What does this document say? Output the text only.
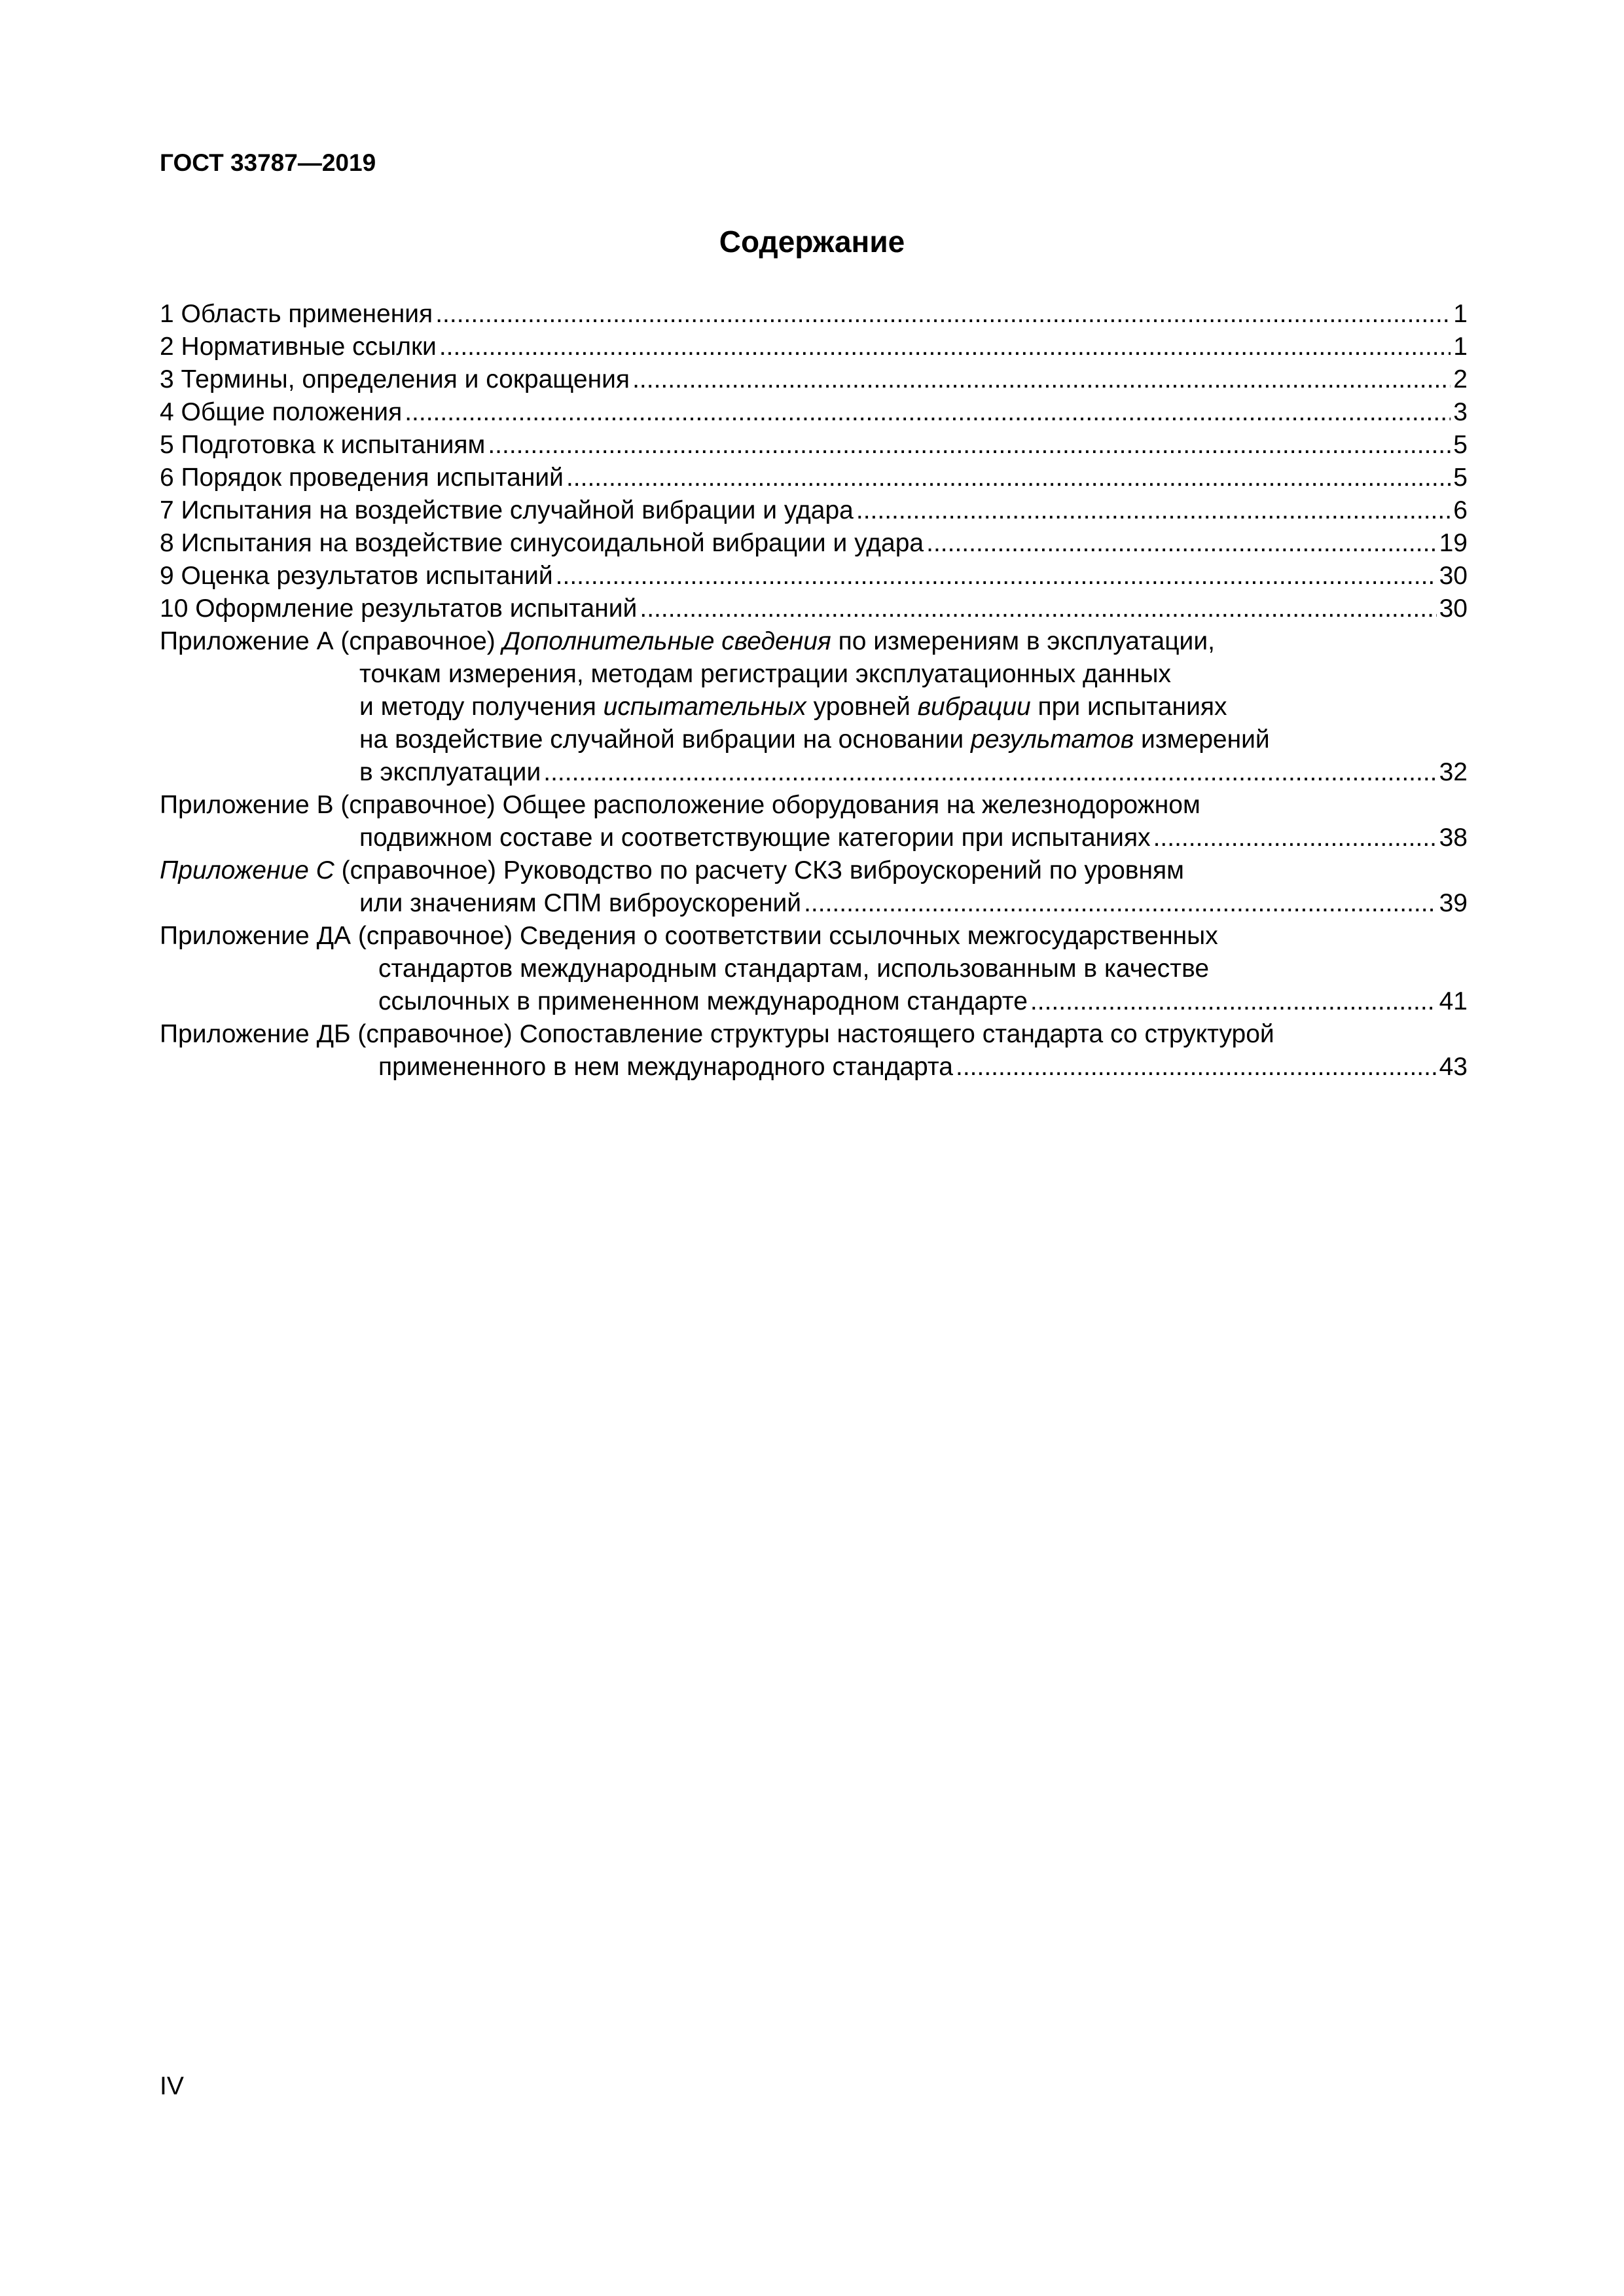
ГОСТ 33787—2019
Содержание
1 Область применения .....	1
2 Нормативные ссылки .....	1
3 Термины, определения и сокращения .....	2
4 Общие положения .....	3
5 Подготовка к испытаниям .....	5
6 Порядок проведения испытаний .....	5
7 Испытания на воздействие случайной вибрации и удара .....	6
8 Испытания на воздействие синусоидальной вибрации и удара .....	19
9 Оценка результатов испытаний .....	30
10 Оформление результатов испытаний .....	30
Приложение А (справочное) Дополнительные сведения по измерениям в эксплуатации,
точкам измерения, методам регистрации эксплуатационных данных
и методу получения испытательных уровней вибрации при испытаниях
на воздействие случайной вибрации на основании результатов измерений
в эксплуатации .....	32
Приложение В (справочное) Общее расположение оборудования на железнодорожном
подвижном составе и соответствующие категории при испытаниях .....	38
Приложение С (справочное) Руководство по расчету СКЗ виброускорений по уровням
или значениям СПМ виброускорений .....	39
Приложение ДА (справочное) Сведения о соответствии ссылочных межгосударственных
стандартов международным стандартам, использованным в качестве
ссылочных в примененном международном стандарте .....	41
Приложение ДБ (справочное) Сопоставление структуры настоящего стандарта со структурой
примененного в нем международного стандарта .....	43
IV
